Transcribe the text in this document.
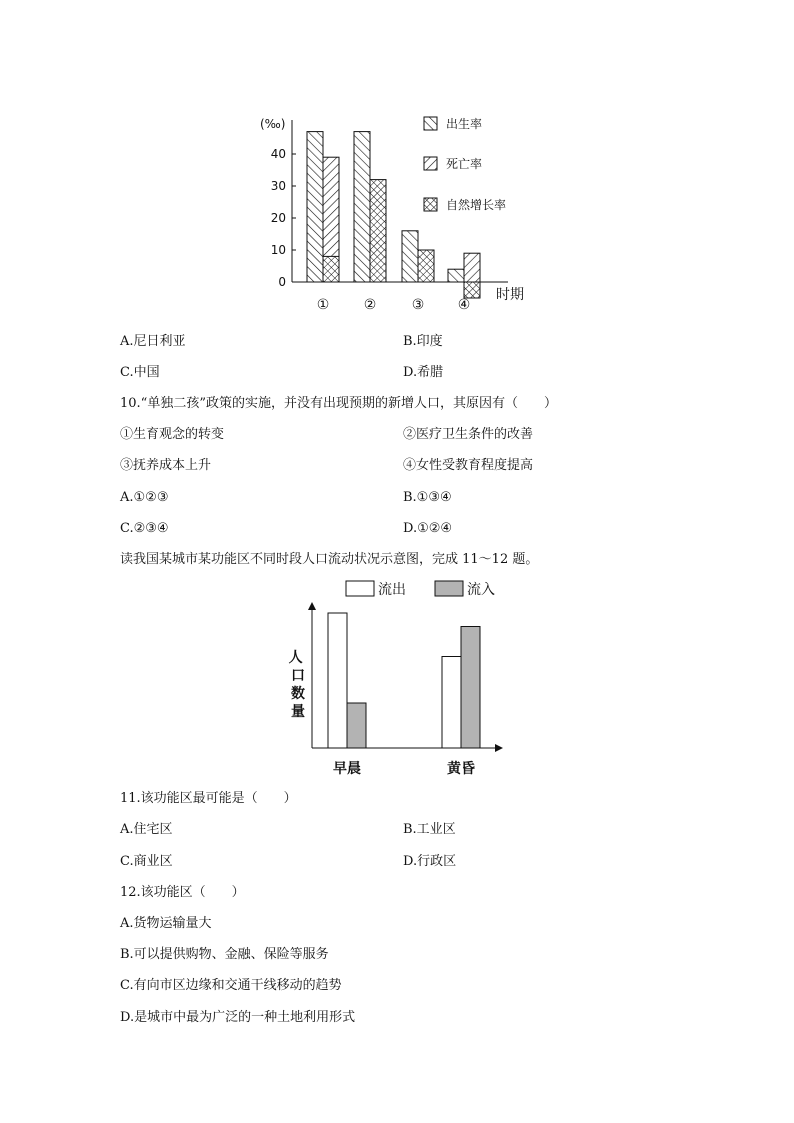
(‰)
时期
0
10
20
30
40
① ②	③ ④
出生率
死亡率
自然增长率
A.尼日利亚	B.印度
C.中国	D.希腊
10.“单独二孩”政策的实施，并没有出现预期的新增人口，其原因有（　　）
①生育观念的转变	②医疗卫生条件的改善
③抚养成本上升	④女性受教育程度提高
A.①②③	B.①③④
C.②③④	D.①②④
读我国某城市某功能区不同时段人口流动状况示意图，完成 11～12 题。
流出	流入
人 口数量
早晨	黄昏
11.该功能区最可能是（　　）
A.住宅区	B.工业区
C.商业区	D.行政区
12.该功能区（　　）
A.货物运输量大
B.可以提供购物、金融、保险等服务
C.有向市区边缘和交通干线移动的趋势
D.是城市中最为广泛的一种土地利用形式
